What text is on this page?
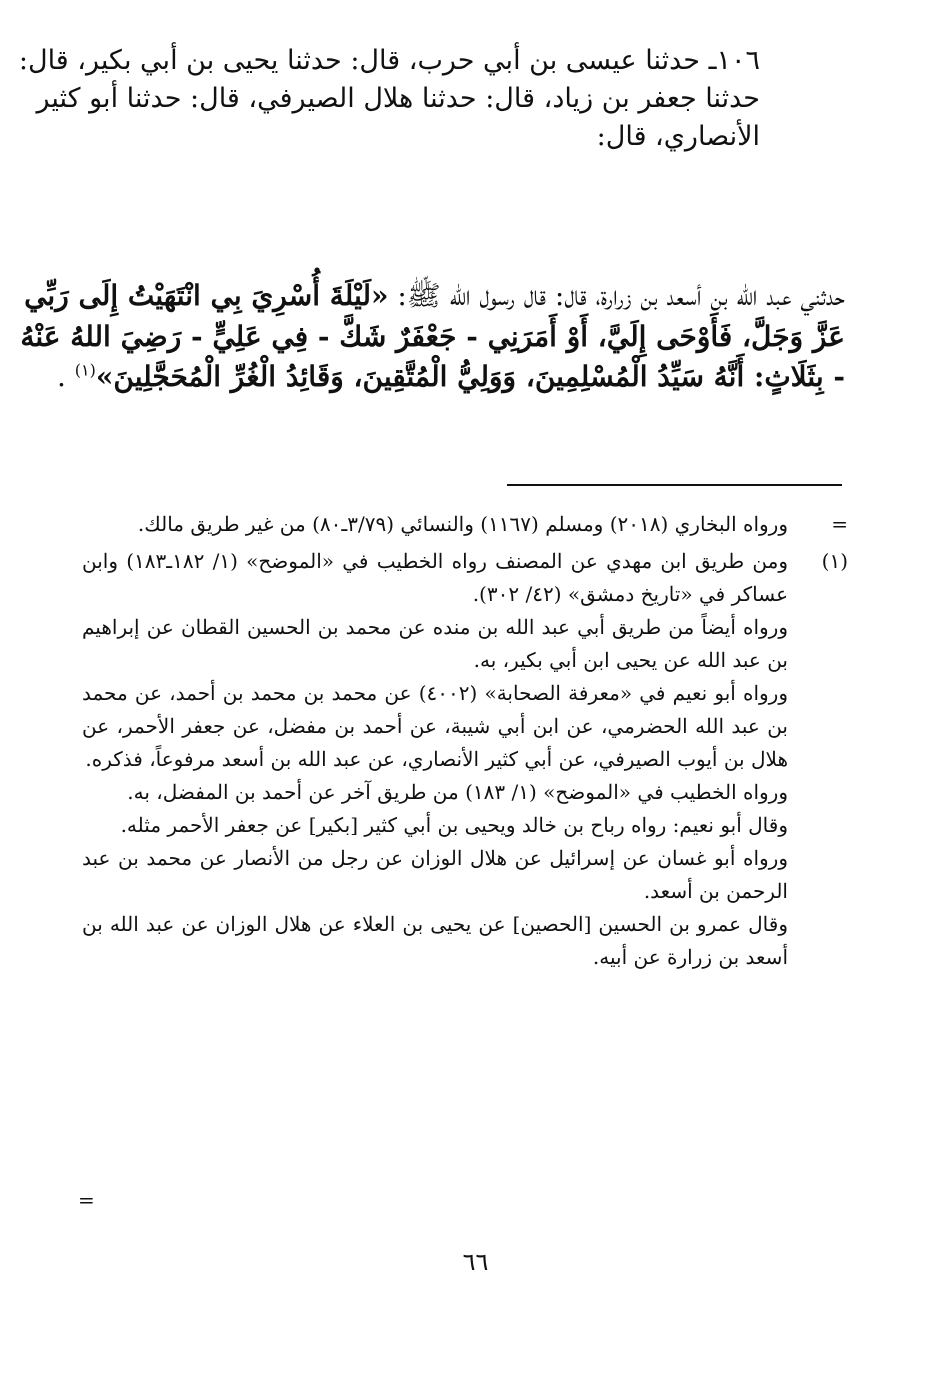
١٠٦ـ حدثنا عيسى بن أبي حرب، قال: حدثنا يحيى بن أبي بكير، قال: حدثنا جعفر بن زياد، قال: حدثنا هلال الصيرفي، قال: حدثنا أبو كثير الأنصاري، قال:
حدثني عبد الله بن أسعد بن زرارة، قال: قال رسول الله ﷺ: «لَيْلَةَ أُسْرِيَ بِي انْتَهَيْتُ إِلَى رَبِّي عَزَّ وَجَلَّ، فَأَوْحَى إِلَيَّ، أَوْ أَمَرَنِي - جَعْفَرٌ شَكَّ - فِي عَلِيٍّ - رَضِيَ اللهُ عَنْهُ - بِثَلَاثٍ: أَنَّهُ سَيِّدُ الْمُسْلِمِينَ، وَوَلِيُّ الْمُتَّقِينَ، وَقَائِدُ الْغُرِّ الْمُحَجَّلِينَ»$^{(١)}$ .
=
ورواه البخاري (٢٠١٨) ومسلم (١١٦٧) والنسائي (٣/٧٩ـ٨٠) من غير طريق مالك.
(١)

ومن طريق ابن مهدي عن المصنف رواه الخطيب في «الموضح» (١/ ١٨٢ـ١٨٣) وابن عساكر في «تاريخ دمشق» (٤٢/ ٣٠٢).

ورواه أيضاً من طريق أبي عبد الله بن منده عن محمد بن الحسين القطان عن إبراهيم بن عبد الله عن يحيى ابن أبي بكير، به.

ورواه أبو نعيم في «معرفة الصحابة» (٤٠٠٢) عن محمد بن محمد بن أحمد، عن محمد بن عبد الله الحضرمي، عن ابن أبي شيبة، عن أحمد بن مفضل، عن جعفر الأحمر، عن هلال بن أيوب الصيرفي، عن أبي كثير الأنصاري، عن عبد الله بن أسعد مرفوعاً، فذكره.

ورواه الخطيب في «الموضح» (١/ ١٨٣) من طريق آخر عن أحمد بن المفضل، به.

وقال أبو نعيم: رواه رباح بن خالد ويحيى بن أبي كثير [بكير] عن جعفر الأحمر مثله.

ورواه أبو غسان عن إسرائيل عن هلال الوزان عن رجل من الأنصار عن محمد بن عبد الرحمن بن أسعد.

وقال عمرو بن الحسين [الحصين] عن يحيى بن العلاء عن هلال الوزان عن عبد الله بن أسعد بن زرارة عن أبيه.

=
٦٦
